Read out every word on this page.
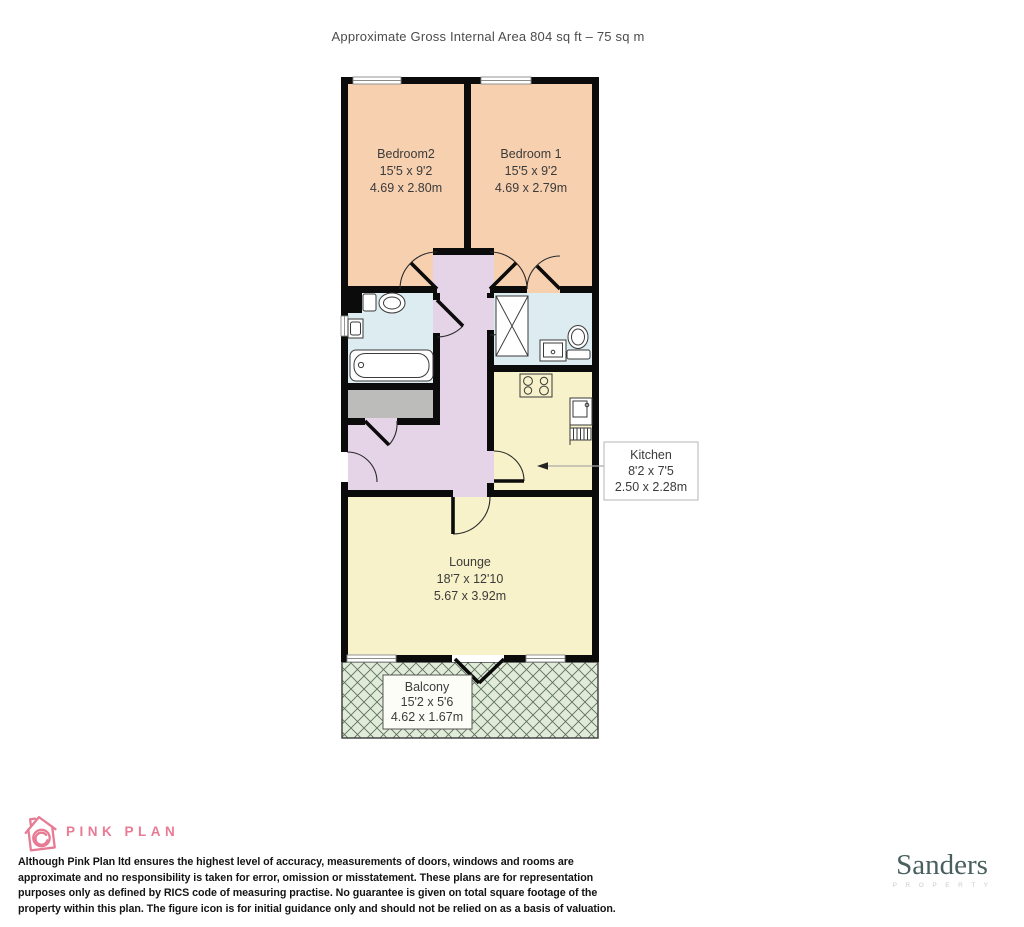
Approximate Gross Internal Area 804 sq ft – 75 sq m
Kitchen
8'2 x 7'5
2.50 x 2.28m
Balcony
15'2 x 5'6
4.62 x 1.67m
Bedroom2
15'5 x 9'2
4.69 x 2.80m
Bedroom 1
15'5 x 9'2
4.69 x 2.79m
Lounge
18'7 x 12'10
5.67 x 3.92m
PINK PLAN
Although Pink Plan ltd ensures the highest level of accuracy, measurements of doors, windows and rooms are
approximate and no responsibility is taken for error, omission or misstatement. These plans are for representation
purposes only as defined by RICS code of measuring practise. No guarantee is given on total square footage of the
property within this plan. The figure icon is for initial guidance only and should not be relied on as a basis of valuation.
Sanders
P R O P E R T Y
